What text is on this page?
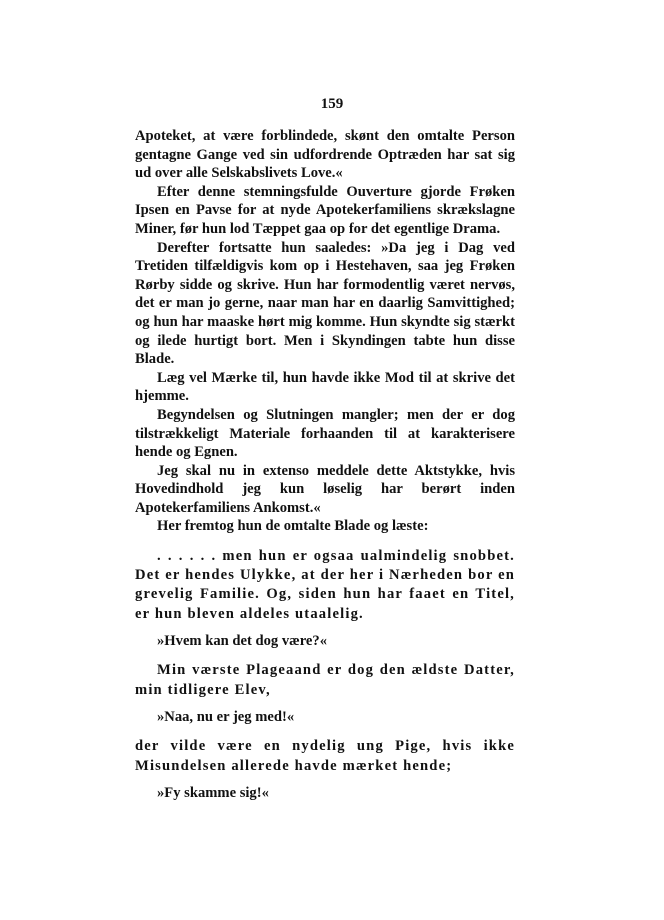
159

Apoteket, at være forblindede, skønt den omtalte Person gentagne Gange ved sin udfordrende Optræden har sat sig ud over alle Selskabslivets Love.«

Efter denne stemningsfulde Ouverture gjorde Frøken Ipsen en Pavse for at nyde Apotekerfamiliens skrækslagne Miner, før hun lod Tæppet gaa op for det egentlige Drama.

Derefter fortsatte hun saaledes: »Da jeg i Dag ved Tretiden tilfældigvis kom op i Hestehaven, saa jeg Frøken Rørby sidde og skrive. Hun har formodentlig været nervøs, det er man jo gerne, naar man har en daarlig Samvittighed; og hun har maaske hørt mig komme. Hun skyndte sig stærkt og ilede hurtigt bort. Men i Skyndingen tabte hun disse Blade.

Læg vel Mærke til, hun havde ikke Mod til at skrive det hjemme.

Begyndelsen og Slutningen mangler; men der er dog tilstrækkeligt Materiale forhaanden til at karakterisere hende og Egnen.

Jeg skal nu in extenso meddele dette Aktstykke, hvis Hovedindhold jeg kun løselig har berørt inden Apotekerfamiliens Ankomst.«

Her fremtog hun de omtalte Blade og læste:

. . . . . . men hun er ogsaa ualmindelig snobbet. Det er hendes Ulykke, at der her i Nærheden bor en grevelig Familie. Og, siden hun har faaet en Titel, er hun bleven aldeles utaalelig.

»Hvem kan det dog være?«

Min værste Plageaand er dog den ældste Datter, min tidligere Elev,

»Naa, nu er jeg med!«

der vilde være en nydelig ung Pige, hvis ikke Misundelsen allerede havde mærket hende;

»Fy skamme sig!«
